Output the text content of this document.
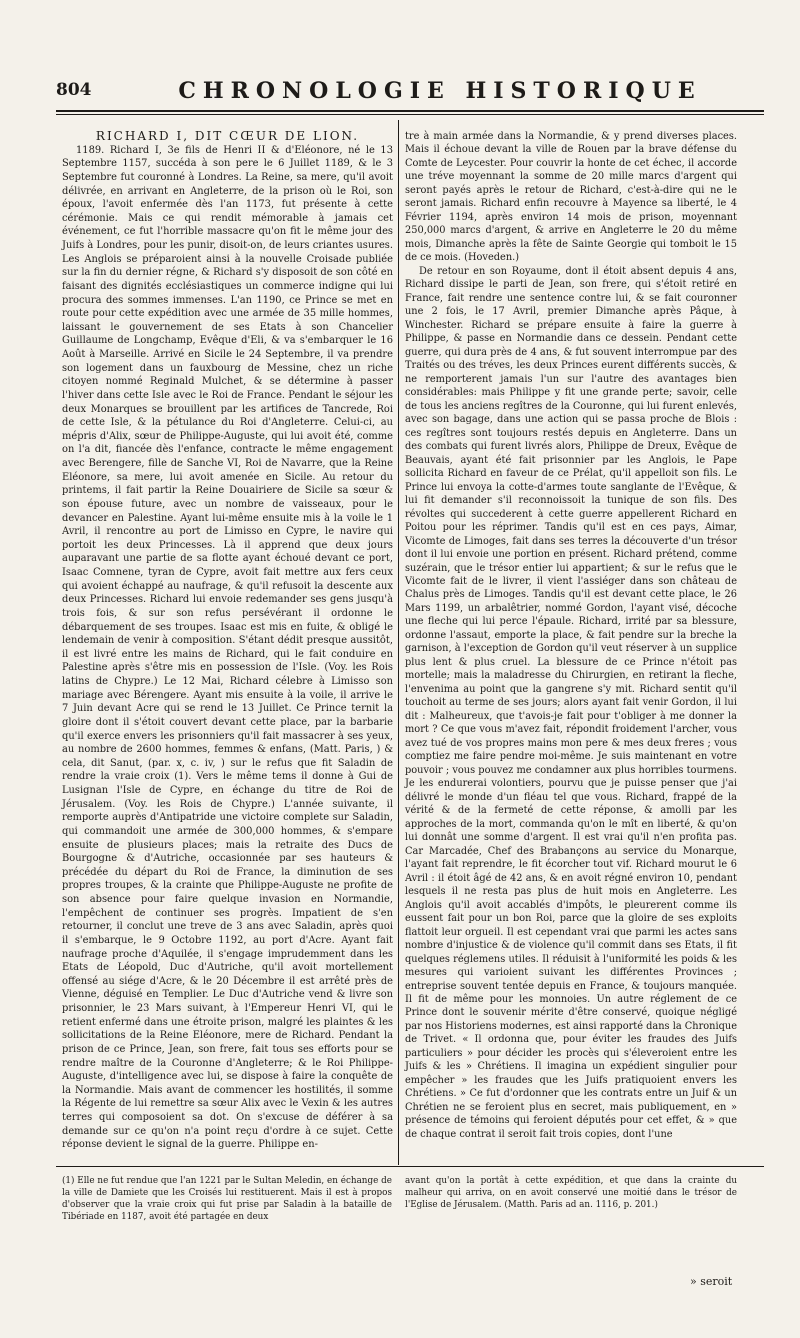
804	CHRONOLOGIE HISTORIQUE

RICHARD I, DIT CŒUR DE LION.

1189. Richard I, 3e fils de Henri II & d'Eléonore, né le 13 Septembre 1157, succéda à son pere le 6 Juillet 1189, & le 3 Septembre fut couronné à Londres. La Reine, sa mere, qu'il avoit délivrée, en arrivant en Angleterre, de la prison où le Roi, son époux, l'avoit enfermée dès l'an 1173, fut présente à cette cérémonie. Mais ce qui rendit mémorable à jamais cet événement, ce fut l'horrible massacre qu'on fit le même jour des Juifs à Londres, pour les punir, disoit-on, de leurs criantes usures. Les Anglois se préparoient ainsi à la nouvelle Croisade publiée sur la fin du dernier régne, & Richard s'y disposoit de son côté en faisant des dignités ecclésiastiques un commerce indigne qui lui procura des sommes immenses. L'an 1190, ce Prince se met en route pour cette expédition avec une armée de 35 mille hommes, laissant le gouvernement de ses Etats à son Chancelier Guillaume de Longchamp, Evêque d'Eli, & va s'embarquer le 16 Août à Marseille. Arrivé en Sicile le 24 Septembre, il va prendre son logement dans un fauxbourg de Messine, chez un riche citoyen nommé Reginald Mulchet, & se détermine à passer l'hiver dans cette Isle avec le Roi de France. Pendant le séjour les deux Monarques se brouillent par les artifices de Tancrede, Roi de cette Isle, & la pétulance du Roi d'Angleterre. Celui-ci, au mépris d'Alix, sœur de Philippe-Auguste, qui lui avoit été, comme on l'a dit, fiancée dès l'enfance, contracte le même engagement avec Berengere, fille de Sanche VI, Roi de Navarre, que la Reine Eléonore, sa mere, lui avoit amenée en Sicile. Au retour du printems, il fait partir la Reine Douairiere de Sicile sa sœur & son épouse future, avec un nombre de vaisseaux, pour le devancer en Palestine. Ayant lui-même ensuite mis à la voile le 1 Avril, il rencontre au port de Limisso en Cypre, le navire qui portoit les deux Princesses. Là il apprend que deux jours auparavant une partie de sa flotte ayant échoué devant ce port, Isaac Comnene, tyran de Cypre, avoit fait mettre aux fers ceux qui avoient échappé au naufrage, & qu'il refusoit la descente aux deux Princesses. Richard lui envoie redemander ses gens jusqu'à trois fois, & sur son refus persévérant il ordonne le débarquement de ses troupes. Isaac est mis en fuite, & obligé le lendemain de venir à composition. S'étant dédit presque aussitôt, il est livré entre les mains de Richard, qui le fait conduire en Palestine après s'être mis en possession de l'Isle. (Voy. les Rois latins de Chypre.) Le 12 Mai, Richard célebre à Limisso son mariage avec Bérengere. Ayant mis ensuite à la voile, il arrive le 7 Juin devant Acre qui se rend le 13 Juillet. Ce Prince ternit la gloire dont il s'étoit couvert devant cette place, par la barbarie qu'il exerce envers les prisonniers qu'il fait massacrer à ses yeux, au nombre de 2600 hommes, femmes & enfans, (Matt. Paris, ) & cela, dit Sanut, (par. x, c. iv, ) sur le refus que fit Saladin de rendre la vraie croix (1). Vers le même tems il donne à Gui de Lusignan l'Isle de Cypre, en échange du titre de Roi de Jérusalem. (Voy. les Rois de Chypre.) L'année suivante, il remporte auprès d'Antipatride une victoire complete sur Saladin, qui commandoit une armée de 300,000 hommes, & s'empare ensuite de plusieurs places; mais la retraite des Ducs de Bourgogne & d'Autriche, occasionnée par ses hauteurs & précédée du départ du Roi de France, la diminution de ses propres troupes, & la crainte que Philippe-Auguste ne profite de son absence pour faire quelque invasion en Normandie, l'empêchent de continuer ses progrès. Impatient de s'en retourner, il conclut une treve de 3 ans avec Saladin, après quoi il s'embarque, le 9 Octobre 1192, au port d'Acre. Ayant fait naufrage proche d'Aquilée, il s'engage imprudemment dans les Etats de Léopold, Duc d'Autriche, qu'il avoit mortellement offensé au siége d'Acre, & le 20 Décembre il est arrêté près de Vienne, déguisé en Templier. Le Duc d'Autriche vend & livre son prisonnier, le 23 Mars suivant, à l'Empereur Henri VI, qui le retient enfermé dans une étroite prison, malgré les plaintes & les sollicitations de la Reine Eléonore, mere de Richard. Pendant la prison de ce Prince, Jean, son frere, fait tous ses efforts pour se rendre maître de la Couronne d'Angleterre; & le Roi Philippe-Auguste, d'intelligence avec lui, se dispose à faire la conquête de la Normandie. Mais avant de commencer les hostilités, il somme la Régente de lui remettre sa sœur Alix avec le Vexin & les autres terres qui composoient sa dot. On s'excuse de déférer à sa demande sur ce qu'on n'a point reçu d'ordre à ce sujet. Cette réponse devient le signal de la guerre. Philippe en-

tre à main armée dans la Normandie, & y prend diverses places. Mais il échoue devant la ville de Rouen par la brave défense du Comte de Leycester. Pour couvrir la honte de cet échec, il accorde une tréve moyennant la somme de 20 mille marcs d'argent qui seront payés après le retour de Richard, c'est-à-dire qui ne le seront jamais. Richard enfin recouvre à Mayence sa liberté, le 4 Février 1194, après environ 14 mois de prison, moyennant 250,000 marcs d'argent, & arrive en Angleterre le 20 du même mois, Dimanche après la fête de Sainte Georgie qui tomboit le 15 de ce mois. (Hoveden.)

De retour en son Royaume, dont il étoit absent depuis 4 ans, Richard dissipe le parti de Jean, son frere, qui s'étoit retiré en France, fait rendre une sentence contre lui, & se fait couronner une 2 fois, le 17 Avril, premier Dimanche après Pâque, à Winchester. Richard se prépare ensuite à faire la guerre à Philippe, & passe en Normandie dans ce dessein. Pendant cette guerre, qui dura près de 4 ans, & fut souvent interrompue par des Traités ou des tréves, les deux Princes eurent différents succès, & ne remporterent jamais l'un sur l'autre des avantages bien considérables: mais Philippe y fit une grande perte; savoir, celle de tous les anciens regîtres de la Couronne, qui lui furent enlevés, avec son bagage, dans une action qui se passa proche de Blois : ces regîtres sont toujours restés depuis en Angleterre. Dans un des combats qui furent livrés alors, Philippe de Dreux, Evêque de Beauvais, ayant été fait prisonnier par les Anglois, le Pape sollicita Richard en faveur de ce Prélat, qu'il appelloit son fils. Le Prince lui envoya la cotte-d'armes toute sanglante de l'Evêque, & lui fit demander s'il reconnoissoit la tunique de son fils. Des révoltes qui succederent à cette guerre appellerent Richard en Poitou pour les réprimer. Tandis qu'il est en ces pays, Aimar, Vicomte de Limoges, fait dans ses terres la découverte d'un trésor dont il lui envoie une portion en présent. Richard prétend, comme suzérain, que le trésor entier lui appartient; & sur le refus que le Vicomte fait de le livrer, il vient l'assiéger dans son château de Chalus près de Limoges. Tandis qu'il est devant cette place, le 26 Mars 1199, un arbalêtrier, nommé Gordon, l'ayant visé, décoche une fleche qui lui perce l'épaule. Richard, irrité par sa blessure, ordonne l'assaut, emporte la place, & fait pendre sur la breche la garnison, à l'exception de Gordon qu'il veut réserver à un supplice plus lent & plus cruel. La blessure de ce Prince n'étoit pas mortelle; mais la maladresse du Chirurgien, en retirant la fleche, l'envenima au point que la gangrene s'y mit. Richard sentit qu'il touchoit au terme de ses jours; alors ayant fait venir Gordon, il lui dit : Malheureux, que t'avois-je fait pour t'obliger à me donner la mort ? Ce que vous m'avez fait, répondit froidement l'archer, vous avez tué de vos propres mains mon pere & mes deux freres ; vous comptiez me faire pendre moi-même. Je suis maintenant en votre pouvoir ; vous pouvez me condamner aux plus horribles tourmens. Je les endurerai volontiers, pourvu que je puisse penser que j'ai délivré le monde d'un fléau tel que vous. Richard, frappé de la vérité & de la fermeté de cette réponse, & amolli par les approches de la mort, commanda qu'on le mît en liberté, & qu'on lui donnât une somme d'argent. Il est vrai qu'il n'en profita pas. Car Marcadée, Chef des Brabançons au service du Monarque, l'ayant fait reprendre, le fit écorcher tout vif. Richard mourut le 6 Avril : il étoit âgé de 42 ans, & en avoit régné environ 10, pendant lesquels il ne resta pas plus de huit mois en Angleterre. Les Anglois qu'il avoit accablés d'impôts, le pleurerent comme ils eussent fait pour un bon Roi, parce que la gloire de ses exploits flattoit leur orgueil. Il est cependant vrai que parmi les actes sans nombre d'injustice & de violence qu'il commit dans ses Etats, il fit quelques réglemens utiles. Il réduisit à l'uniformité les poids & les mesures qui varioient suivant les différentes Provinces ; entreprise souvent tentée depuis en France, & toujours manquée. Il fit de même pour les monnoies. Un autre réglement de ce Prince dont le souvenir mérite d'être conservé, quoique négligé par nos Historiens modernes, est ainsi rapporté dans la Chronique de Trivet. « Il ordonna que, pour éviter les fraudes des Juifs particuliers » pour décider les procès qui s'éleveroient entre les Juifs & les » Chrétiens. Il imagina un expédient singulier pour empêcher » les fraudes que les Juifs pratiquoient envers les Chrétiens. » Ce fut d'ordonner que les contrats entre un Juif & un Chrétien ne se feroient plus en secret, mais publiquement, en » présence de témoins qui feroient députés pour cet effet, & » que de chaque contrat il seroit fait trois copies, dont l'une

(1) Elle ne fut rendue que l'an 1221 par le Sultan Meledin, en échange de la ville de Damiete que les Croisés lui restituerent. Mais il est à propos d'observer que la vraie croix qui fut prise par Saladin à la bataille de Tibériade en 1187, avoit été partagée en deux
avant qu'on la portât à cette expédition, et que dans la crainte du malheur qui arriva, on en avoit conservé une moitié dans le trésor de l'Eglise de Jérusalem. (Matth. Paris ad an. 1116, p. 201.)
» seroit
